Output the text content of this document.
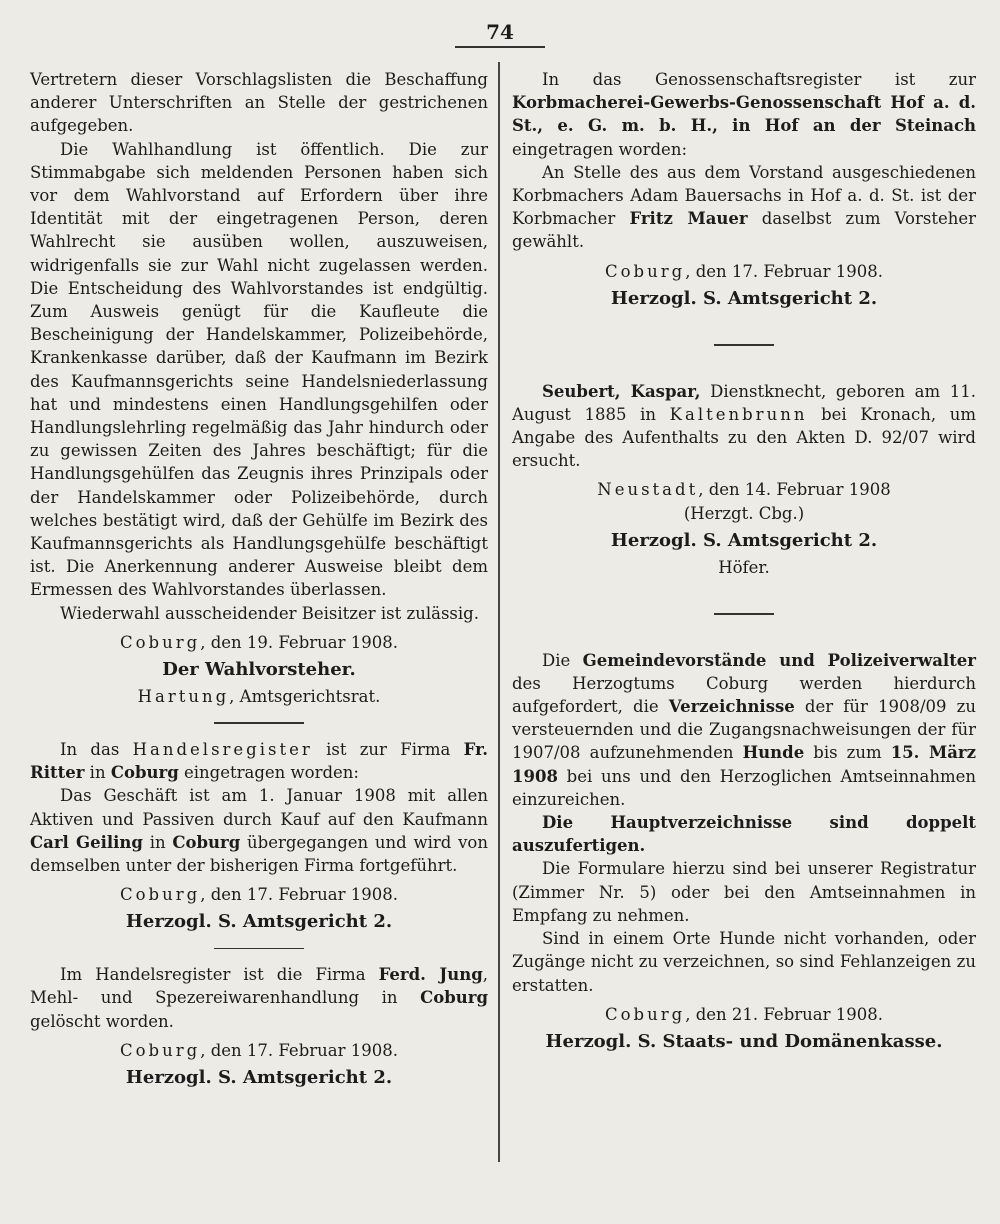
74

Vertretern dieser Vorschlagslisten die Beschaffung anderer Unterschriften an Stelle der gestrichenen aufgegeben.

Die Wahlhandlung ist öffentlich. Die zur Stimmabgabe sich meldenden Personen haben sich vor dem Wahlvorstand auf Erfordern über ihre Identität mit der eingetragenen Person, deren Wahlrecht sie ausüben wollen, auszuweisen, widrigenfalls sie zur Wahl nicht zugelassen werden. Die Entscheidung des Wahlvorstandes ist endgültig. Zum Ausweis genügt für die Kaufleute die Bescheinigung der Handelskammer, Polizeibehörde, Krankenkasse darüber, daß der Kaufmann im Bezirk des Kaufmannsgerichts seine Handelsniederlassung hat und mindestens einen Handlungsgehilfen oder Handlungslehrling regelmäßig das Jahr hindurch oder zu gewissen Zeiten des Jahres beschäftigt; für die Handlungsgehülfen das Zeugnis ihres Prinzipals oder der Handelskammer oder Polizeibehörde, durch welches bestätigt wird, daß der Gehülfe im Bezirk des Kaufmannsgerichts als Handlungsgehülfe beschäftigt ist. Die Anerkennung anderer Ausweise bleibt dem Ermessen des Wahlvorstandes überlassen.

Wiederwahl ausscheidender Beisitzer ist zulässig.

Coburg, den 19. Februar 1908.

Der Wahlvorsteher.

Hartung, Amtsgerichtsrat.

In das Handelsregister ist zur Firma Fr. Ritter in Coburg eingetragen worden:

Das Geschäft ist am 1. Januar 1908 mit allen Aktiven und Passiven durch Kauf auf den Kaufmann Carl Geiling in Coburg übergegangen und wird von demselben unter der bisherigen Firma fortgeführt.

Coburg, den 17. Februar 1908.

Herzogl. S. Amtsgericht 2.

Im Handelsregister ist die Firma Ferd. Jung, Mehl- und Spezereiwarenhandlung in Coburg gelöscht worden.

Coburg, den 17. Februar 1908.

Herzogl. S. Amtsgericht 2.

In das Genossenschaftsregister ist zur Korbmacherei-Gewerbs-Genossenschaft Hof a. d. St., e. G. m. b. H., in Hof an der Steinach eingetragen worden:

An Stelle des aus dem Vorstand ausgeschiedenen Korbmachers Adam Bauersachs in Hof a. d. St. ist der Korbmacher Fritz Mauer daselbst zum Vorsteher gewählt.

Coburg, den 17. Februar 1908.

Herzogl. S. Amtsgericht 2.

Seubert, Kaspar, Dienstknecht, geboren am 11. August 1885 in Kaltenbrunn bei Kronach, um Angabe des Aufenthalts zu den Akten D. 92/07 wird ersucht.

Neustadt, den 14. Februar 1908

(Herzgt. Cbg.)

Herzogl. S. Amtsgericht 2.

Höfer.

Die Gemeindevorstände und Polizeiverwalter des Herzogtums Coburg werden hierdurch aufgefordert, die Verzeichnisse der für 1908/09 zu versteuernden und die Zugangsnachweisungen der für 1907/08 aufzunehmenden Hunde bis zum 15. März 1908 bei uns und den Herzoglichen Amtseinnahmen einzureichen.

Die Hauptverzeichnisse sind doppelt auszufertigen.

Die Formulare hierzu sind bei unserer Registratur (Zimmer Nr. 5) oder bei den Amtseinnahmen in Empfang zu nehmen.

Sind in einem Orte Hunde nicht vorhanden, oder Zugänge nicht zu verzeichnen, so sind Fehlanzeigen zu erstatten.

Coburg, den 21. Februar 1908.

Herzogl. S. Staats- und Domänenkasse.
